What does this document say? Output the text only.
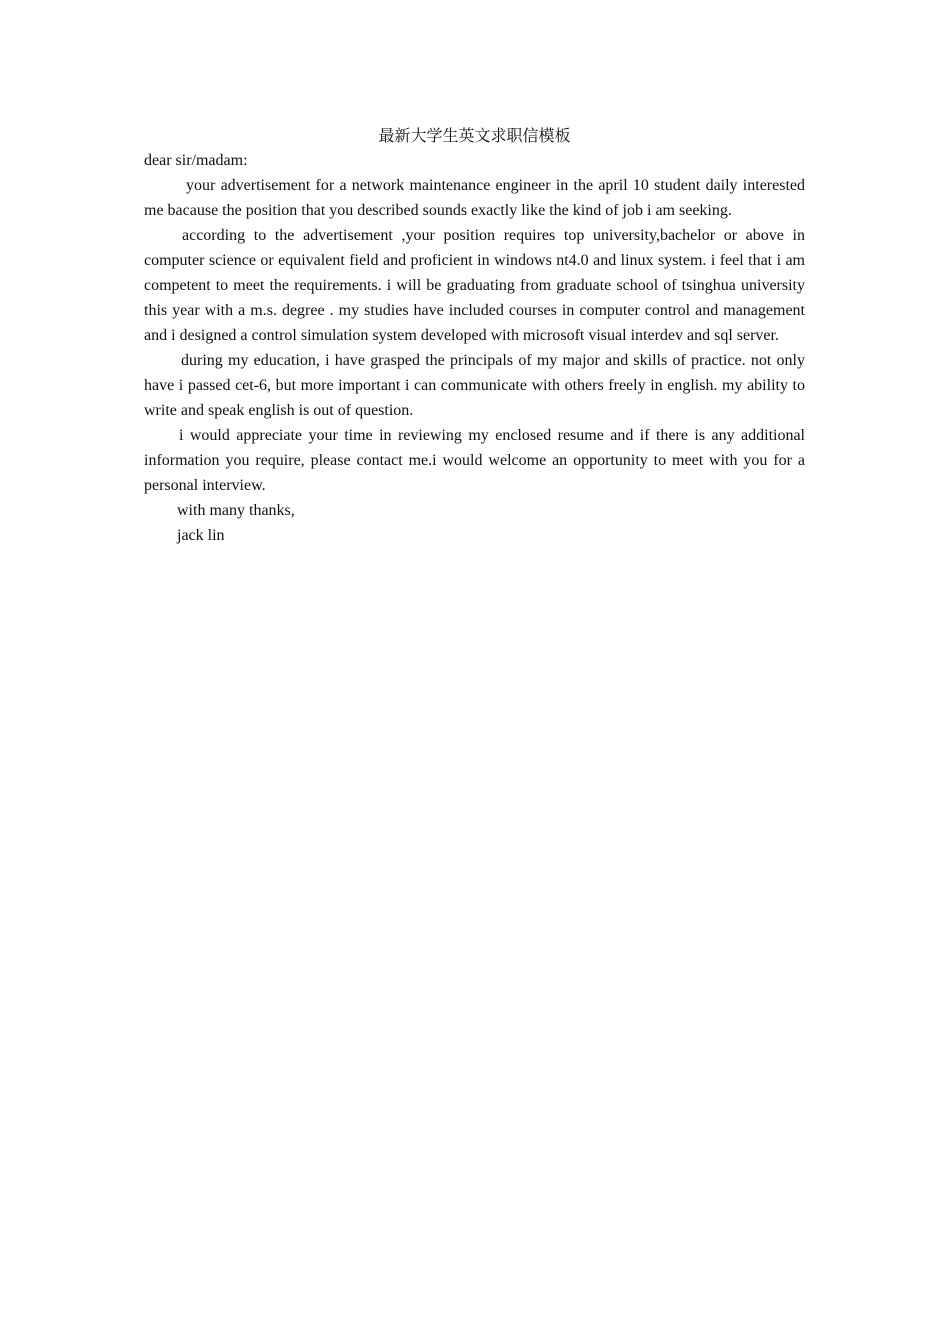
最新大学生英文求职信模板

dear sir/madam:

your advertisement for a network maintenance engineer in the april 10 student daily interested me bacause the position that you described sounds exactly like the kind of job i am seeking.

according to the advertisement ,your position requires top university,bachelor or above in computer science or equivalent field and proficient in windows nt4.0 and linux system. i feel that i am competent to meet the requirements. i will be graduating from graduate school of tsinghua university this year with a m.s. degree . my studies have included courses in computer control and management and i designed a control simulation system developed with microsoft visual interdev and sql server.

during my education, i have grasped the principals of my major and skills of practice. not only have i passed cet-6, but more important i can communicate with others freely in english. my ability to write and speak english is out of question.

i would appreciate your time in reviewing my enclosed resume and if there is any additional information you require, please contact me.i would welcome an opportunity to meet with you for a personal interview.

with many thanks,

jack lin
